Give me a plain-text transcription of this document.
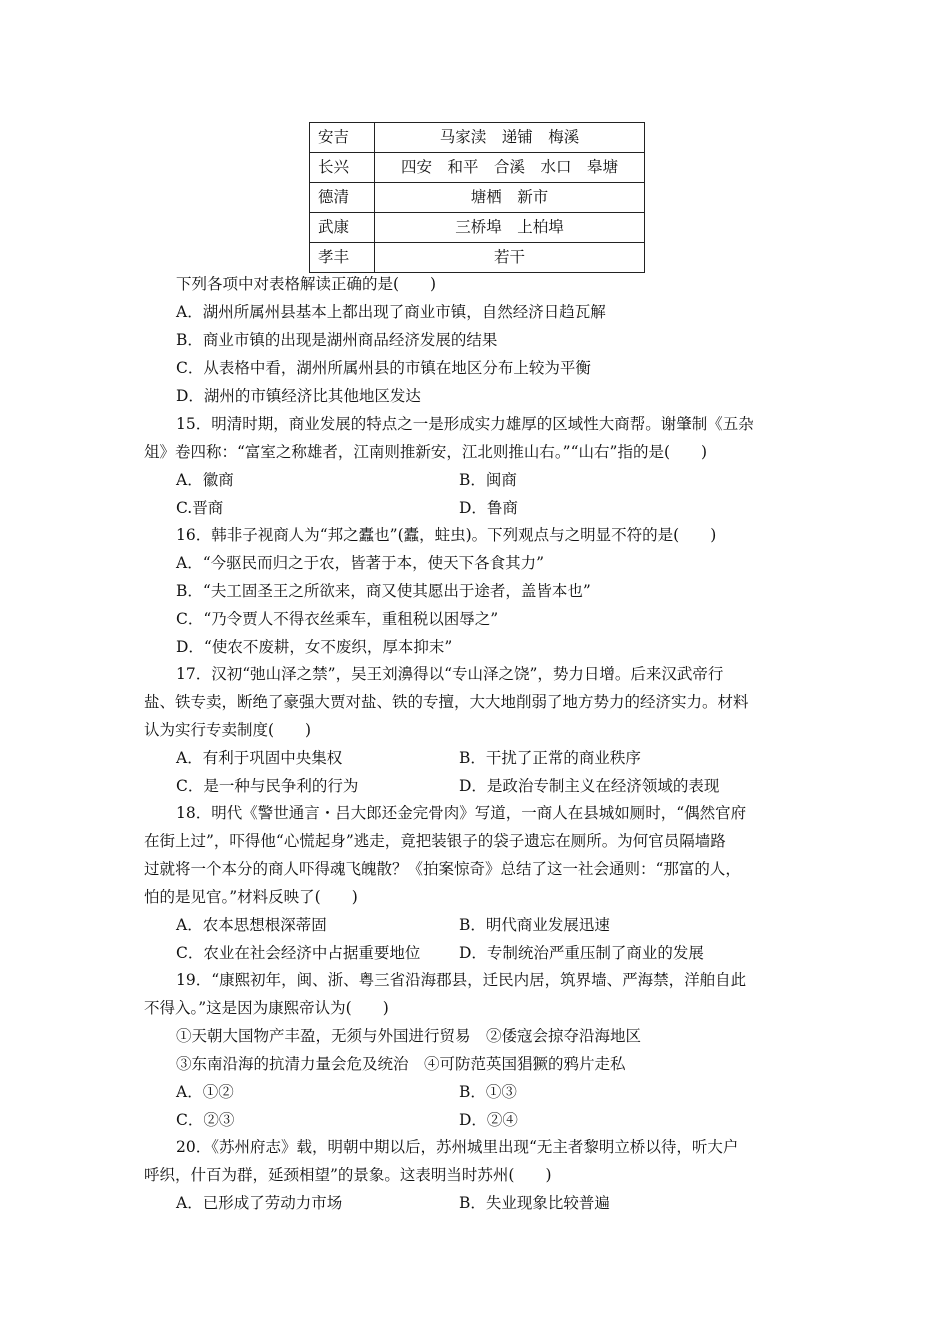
安吉	马家渎　递铺　梅溪
长兴	四安　和平　合溪　水口　皋塘
德清	塘栖　新市
武康	三桥埠　上柏埠
孝丰	若干
下列各项中对表格解读正确的是(　　)
A．湖州所属州县基本上都出现了商业市镇，自然经济日趋瓦解
B．商业市镇的出现是湖州商品经济发展的结果
C．从表格中看，湖州所属州县的市镇在地区分布上较为平衡
D．湖州的市镇经济比其他地区发达
15．明清时期，商业发展的特点之一是形成实力雄厚的区域性大商帮。谢肇制《五杂
俎》卷四称：“富室之称雄者，江南则推新安，江北则推山右。”“山右”指的是(　　)
A．徽商	B．闽商
C.晋商	D．鲁商
16．韩非子视商人为“邦之蠹也”(蠹，蛀虫)。下列观点与之明显不符的是(　　)
A．“今驱民而归之于农，皆著于本，使天下各食其力”
B．“夫工固圣王之所欲来，商又使其愿出于途者，盖皆本也”
C．“乃令贾人不得衣丝乘车，重租税以困辱之”
D．“使农不废耕，女不废织，厚本抑末”
17．汉初“弛山泽之禁”，吴王刘濞得以“专山泽之饶”，势力日增。后来汉武帝行
盐、铁专卖，断绝了豪强大贾对盐、铁的专擅，大大地削弱了地方势力的经济实力。材料
认为实行专卖制度(　　)
A．有利于巩固中央集权	B．干扰了正常的商业秩序
C．是一种与民争利的行为	D．是政治专制主义在经济领域的表现
18．明代《警世通言・吕大郎还金完骨肉》写道，一商人在县城如厕时，“偶然官府
在街上过”，吓得他“心慌起身”逃走，竟把装银子的袋子遗忘在厕所。为何官员隔墙路
过就将一个本分的商人吓得魂飞魄散？《拍案惊奇》总结了这一社会通则：“那富的人，
怕的是见官。”材料反映了(　　)
A．农本思想根深蒂固	B．明代商业发展迅速
C．农业在社会经济中占据重要地位 D．专制统治严重压制了商业的发展
19．“康熙初年，闽、浙、粤三省沿海郡县，迁民内居，筑界墙、严海禁，洋舶自此
不得入。”这是因为康熙帝认为(　　)
①天朝大国物产丰盈，无须与外国进行贸易　②倭寇会掠夺沿海地区
③东南沿海的抗清力量会危及统治　④可防范英国猖獗的鸦片走私
A．①②	B．①③
C．②③	D．②④
20．《苏州府志》载，明朝中期以后，苏州城里出现“无主者黎明立桥以待，听大户
呼织，什百为群，延颈相望”的景象。这表明当时苏州(　　)
A．已形成了劳动力市场	B．失业现象比较普遍
